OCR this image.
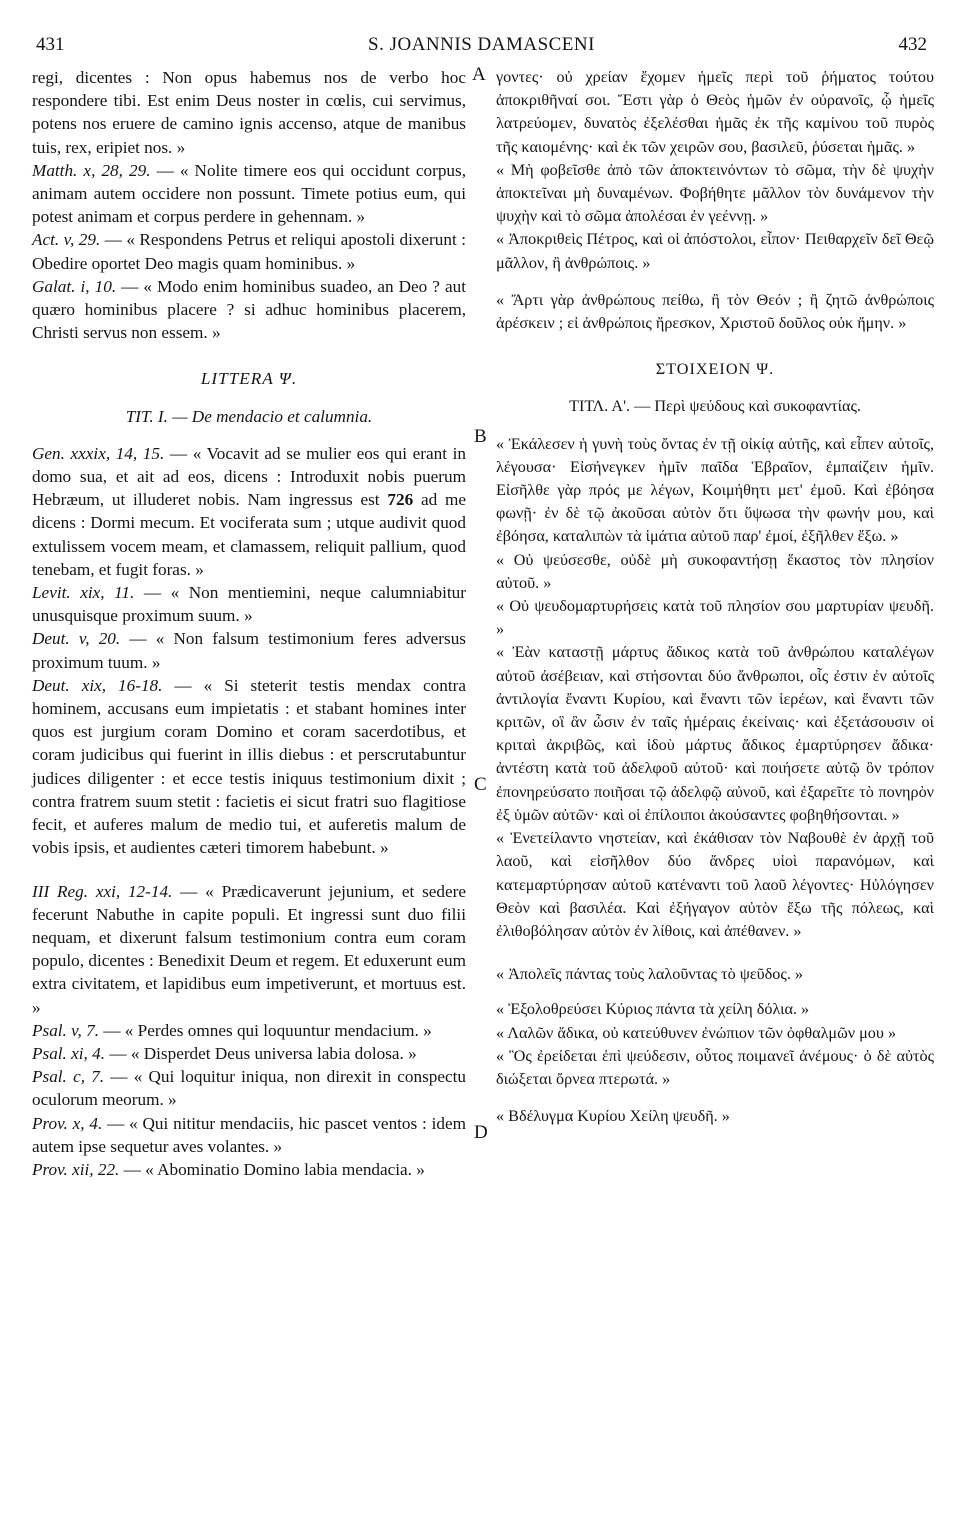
431	S. JOANNIS DAMASCENI	432
A
B
C
D

regi, dicentes : Non opus habemus nos de verbo hoc respondere tibi. Est enim Deus noster in cœlis, cui servimus, potens nos eruere de camino ignis accenso, atque de manibus tuis, rex, eripiet nos. »

Matth. x, 28, 29. — « Nolite timere eos qui occidunt corpus, animam autem occidere non possunt. Timete potius eum, qui potest animam et corpus perdere in gehennam. »

Act. v, 29. — « Respondens Petrus et reliqui apostoli dixerunt : Obedire oportet Deo magis quam hominibus. »

Galat. i, 10. — « Modo enim hominibus suadeo, an Deo ? aut quæro hominibus placere ? si adhuc hominibus placerem, Christi servus non essem. »

LITTERA Ψ.

TIT. I. — De mendacio et calumnia.

Gen. xxxix, 14, 15. — « Vocavit ad se mulier eos qui erant in domo sua, et ait ad eos, dicens : Introduxit nobis puerum Hebræum, ut illuderet nobis. Nam ingressus est 726 ad me dicens : Dormi mecum. Et vociferata sum ; utque audivit quod extulissem vocem meam, et clamassem, reliquit pallium, quod tenebam, et fugit foras. »

Levit. xix, 11. — « Non mentiemini, neque calumniabitur unusquisque proximum suum. »

Deut. v, 20. — « Non falsum testimonium feres adversus proximum tuum. »

Deut. xix, 16-18. — « Si steterit testis mendax contra hominem, accusans eum impietatis : et stabant homines inter quos est jurgium coram Domino et coram sacerdotibus, et coram judicibus qui fuerint in illis diebus : et perscrutabuntur judices diligenter : et ecce testis iniquus testimonium dixit ; contra fratrem suum stetit : facietis ei sicut fratri suo flagitiose fecit, et auferes malum de medio tui, et auferetis malum de vobis ipsis, et audientes cæteri timorem habebunt. »

III Reg. xxi, 12-14. — « Prædicaverunt jejunium, et sedere fecerunt Nabuthe in capite populi. Et ingressi sunt duo filii nequam, et dixerunt falsum testimonium contra eum coram populo, dicentes : Benedixit Deum et regem. Et eduxerunt eum extra civitatem, et lapidibus eum impetiverunt, et mortuus est. »

Psal. v, 7. — « Perdes omnes qui loquuntur mendacium. »

Psal. xi, 4. — « Disperdet Deus universa labia dolosa. »

Psal. c, 7. — « Qui loquitur iniqua, non direxit in conspectu oculorum meorum. »

Prov. x, 4. — « Qui nititur mendaciis, hic pascet ventos : idem autem ipse sequetur aves volantes. »

Prov. xii, 22. — « Abominatio Domino labia mendacia. »

γοντες· οὐ χρείαν ἔχομεν ἡμεῖς περὶ τοῦ ῥήματος τούτου ἀποκριθῆναί σοι. Ἔστι γὰρ ὁ Θεὸς ἡμῶν ἐν οὐρανοῖς, ᾧ ἡμεῖς λατρεύομεν, δυνατὸς ἐξελέσθαι ἡμᾶς ἐκ τῆς καμίνου τοῦ πυρὸς τῆς καιομένης· καὶ ἐκ τῶν χειρῶν σου, βασιλεῦ, ῥύσεται ἡμᾶς. »

« Μὴ φοβεῖσθε ἀπὸ τῶν ἀποκτεινόντων τὸ σῶμα, τὴν δὲ ψυχὴν ἀποκτεῖναι μὴ δυναμένων. Φοβήθητε μᾶλλον τὸν δυνάμενον τὴν ψυχὴν καὶ τὸ σῶμα ἀπολέσαι ἐν γεέννῃ. »

« Ἀποκριθεὶς Πέτρος, καὶ οἱ ἀπόστολοι, εἶπον· Πειθαρχεῖν δεῖ Θεῷ μᾶλλον, ἢ ἀνθρώποις. »

« Ἄρτι γὰρ ἀνθρώπους πείθω, ἢ τὸν Θεόν ; ἢ ζητῶ ἀνθρώποις ἀρέσκειν ; εἰ ἀνθρώποις ἤρεσκον, Χριστοῦ δοῦλος οὐκ ἤμην. »

ΣΤΟΙΧΕΙΟΝ Ψ.

ΤΙΤΛ. Α'. — Περὶ ψεύδους καὶ συκοφαντίας.

« Ἐκάλεσεν ἡ γυνὴ τοὺς ὄντας ἐν τῇ οἰκίᾳ αὐτῆς, καὶ εἶπεν αὐτοῖς, λέγουσα· Εἰσήνεγκεν ἡμῖν παῖδα Ἑβραῖον, ἐμπαίζειν ἡμῖν. Εἰσῆλθε γὰρ πρός με λέγων, Κοιμήθητι μετ' ἐμοῦ. Καὶ ἐβόησα φωνῇ· ἐν δὲ τῷ ἀκοῦσαι αὐτὸν ὅτι ὕψωσα τὴν φωνήν μου, καὶ ἐβόησα, καταλιπὼν τὰ ἱμάτια αὐτοῦ παρ' ἐμοί, ἐξῆλθεν ἔξω. »

« Οὐ ψεύσεσθε, οὐδὲ μὴ συκοφαντήσῃ ἕκαστος τὸν πλησίον αὐτοῦ. »

« Οὐ ψευδομαρτυρήσεις κατὰ τοῦ πλησίον σου μαρτυρίαν ψευδῆ. »

« Ἐὰν καταστῇ μάρτυς ἄδικος κατὰ τοῦ ἀνθρώπου καταλέγων αὐτοῦ ἀσέβειαν, καὶ στήσονται δύο ἄνθρωποι, οἷς ἐστιν ἐν αὐτοῖς ἀντιλογία ἔναντι Κυρίου, καὶ ἔναντι τῶν ἱερέων, καὶ ἔναντι τῶν κριτῶν, οἳ ἂν ὦσιν ἐν ταῖς ἡμέραις ἐκείναις· καὶ ἐξετάσουσιν οἱ κριταὶ ἀκριβῶς, καὶ ἰδοὺ μάρτυς ἄδικος ἐμαρτύρησεν ἄδικα· ἀντέστη κατὰ τοῦ ἀδελφοῦ αὐτοῦ· καὶ ποιήσετε αὐτῷ ὃν τρόπον ἐπονηρεύσατο ποιῆσαι τῷ ἀδελφῷ αὐνοῦ, καὶ ἐξαρεῖτε τὸ πονηρὸν ἐξ ὑμῶν αὐτῶν· καὶ οἱ ἐπίλοιποι ἀκούσαντες φοβηθήσονται. »

« Ἐνετείλαντο νηστείαν, καὶ ἐκάθισαν τὸν Ναβουθὲ ἐν ἀρχῇ τοῦ λαοῦ, καὶ εἰσῆλθον δύο ἄνδρες υἱοὶ παρανόμων, καὶ κατεμαρτύρησαν αὐτοῦ κατέναντι τοῦ λαοῦ λέγοντες· Ηὐλόγησεν Θεὸν καὶ βασιλέα. Καὶ ἐξήγαγον αὐτὸν ἔξω τῆς πόλεως, καὶ ἐλιθοβόλησαν αὐτὸν ἐν λίθοις, καὶ ἀπέθανεν. »

« Ἀπολεῖς πάντας τοὺς λαλοῦντας τὸ ψεῦδος. »

« Ἐξολοθρεύσει Κύριος πάντα τὰ χείλη δόλια. »

« Λαλῶν ἄδικα, οὐ κατεύθυνεν ἐνώπιον τῶν ὀφθαλμῶν μου »

« Ὃς ἐρείδεται ἐπὶ ψεύδεσιν, οὗτος ποιμανεῖ ἀνέμους· ὁ δὲ αὐτὸς διώξεται ὄρνεα πτερωτά. »

« Βδέλυγμα Κυρίου Χείλη ψευδῆ. »
